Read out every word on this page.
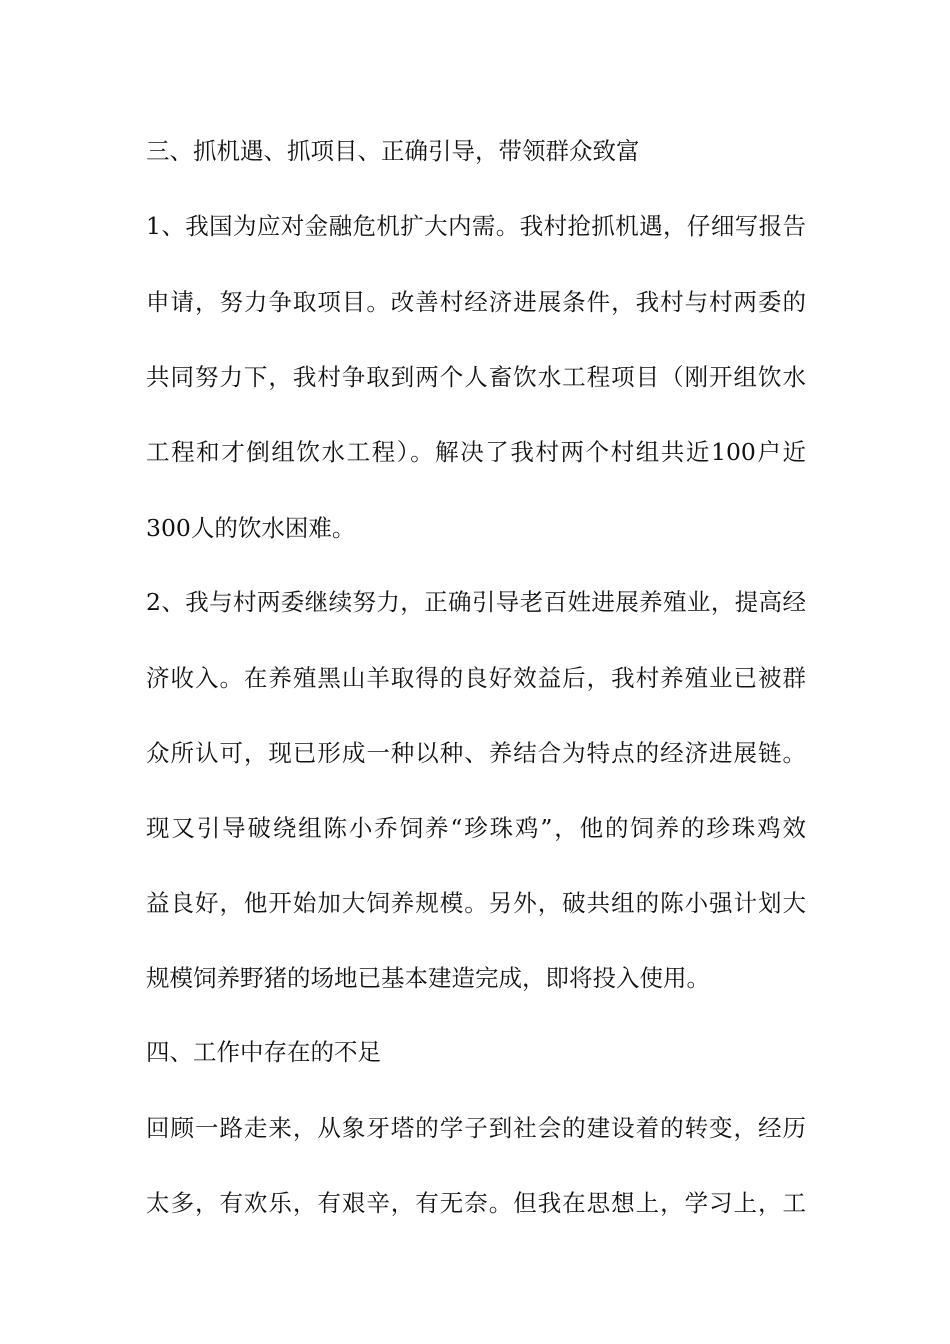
三、抓机遇、抓项目、正确引导，带领群众致富
1、我国为应对金融危机扩大内需。我村抢抓机遇，仔细写报告
申请，努力争取项目。改善村经济进展条件，我村与村两委的
共同努力下，我村争取到两个人畜饮水工程项目（刚开组饮水
工程和才倒组饮水工程）。解决了我村两个村组共近100户近
300人的饮水困难。
2、我与村两委继续努力，正确引导老百姓进展养殖业，提高经
济收入。在养殖黑山羊取得的良好效益后，我村养殖业已被群
众所认可，现已形成一种以种、养结合为特点的经济进展链。
现又引导破绕组陈小乔饲养“珍珠鸡”，他的饲养的珍珠鸡效
益良好，他开始加大饲养规模。另外，破共组的陈小强计划大
规模饲养野猪的场地已基本建造完成，即将投入使用。
四、工作中存在的不足
回顾一路走来，从象牙塔的学子到社会的建设着的转变，经历
太多，有欢乐，有艰辛，有无奈。但我在思想上，学习上，工
